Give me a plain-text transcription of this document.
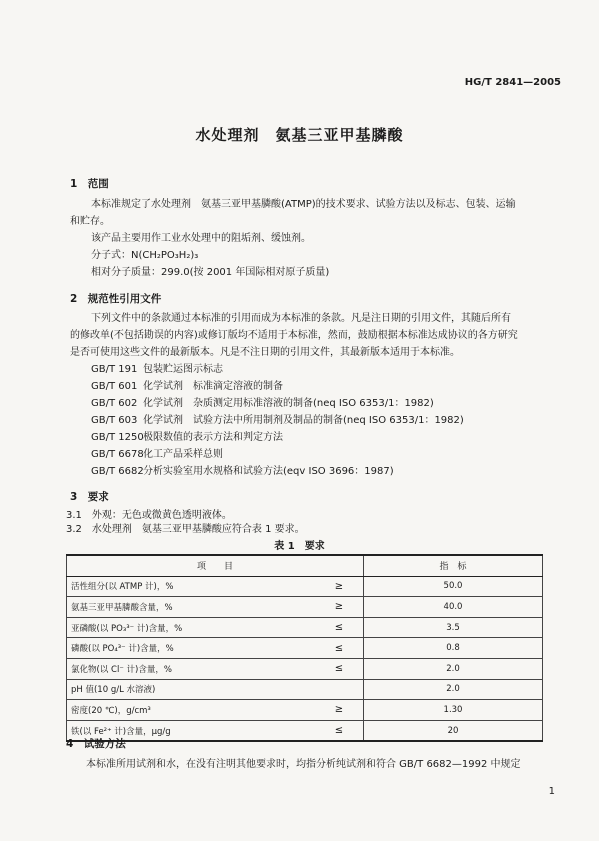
HG/T 2841—2005
水处理剂　氨基三亚甲基膦酸
1　范围
本标准规定了水处理剂　氨基三亚甲基膦酸(ATMP)的技术要求、试验方法以及标志、包装、运输
和贮存。
该产品主要用作工业水处理中的阻垢剂、缓蚀剂。
分子式：N(CH₂PO₃H₂)₃
相对分子质量：299.0(按 2001 年国际相对原子质量)
2　规范性引用文件
下列文件中的条款通过本标准的引用而成为本标准的条款。凡是注日期的引用文件，其随后所有
的修改单(不包括勘误的内容)或修订版均不适用于本标准，然而，鼓励根据本标准达成协议的各方研究
是否可使用这些文件的最新版本。凡是不注日期的引用文件，其最新版本适用于本标准。
GB/T 191 包装贮运图示标志
GB/T 601 化学试剂　标准滴定溶液的制备
GB/T 602 化学试剂　杂质测定用标准溶液的制备(neq ISO 6353/1：1982)
GB/T 603 化学试剂　试验方法中所用制剂及制品的制备(neq ISO 6353/1：1982)
GB/T 1250极限数值的表示方法和判定方法
GB/T 6678化工产品采样总则
GB/T 6682分析实验室用水规格和试验方法(eqv ISO 3696：1987)
3　要求
3.1　外观：无色或微黄色透明液体。
3.2　水处理剂　氨基三亚甲基膦酸应符合表 1 要求。
表 1　要求
项　　目		指　标
活性组分(以 ATMP 计)，%	≥	50.0
氨基三亚甲基膦酸含量，%	≥	40.0
亚磷酸(以 PO₃³⁻ 计)含量，%	≤	3.5
磷酸(以 PO₄³⁻ 计)含量，%	≤	0.8
氯化物(以 Cl⁻ 计)含量，%	≤	2.0
pH 值(10 g/L 水溶液)		2.0
密度(20 ℃)，g/cm³	≥	1.30
铁(以 Fe²⁺ 计)含量，μg/g	≤	20
4　试验方法
本标准所用试剂和水，在没有注明其他要求时，均指分析纯试剂和符合 GB/T 6682—1992 中规定
1
